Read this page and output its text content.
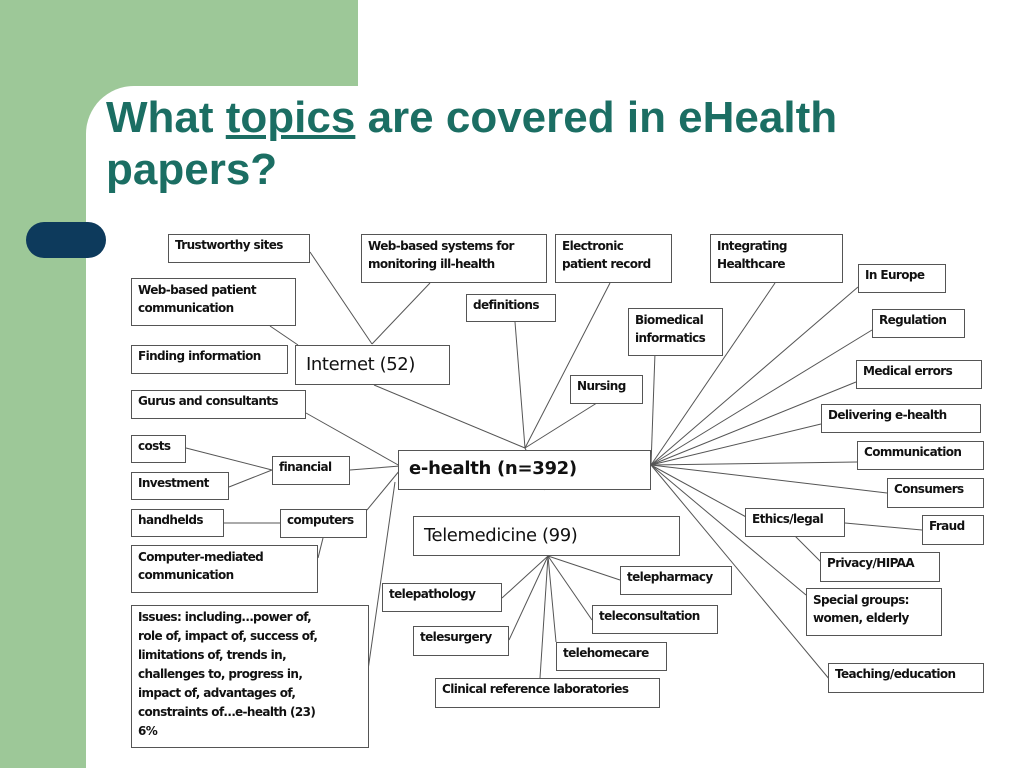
What topics are covered in eHealth papers?
e-health (n=392)
Internet (52)
Telemedicine (99)
Trustworthy sites	Web-based systems for
monitoring ill-health
Electronic
patient record
Integrating
Healthcare
Web-based patient
communication
Finding information
Gurus and consultants
costs
Investment
financial
handhelds	computers
Computer-mediated
communication
Issues: including…power of,
role of, impact of, success of,
limitations of, trends in,
challenges to, progress in,
impact of, advantages of,
constraints of…e-health (23)
6%
definitions
Biomedical
informatics
Nursing
In Europe
Regulation
Medical errors
Delivering e-health
Communication
Consumers
Ethics/legal	Fraud
Privacy/HIPAA
Special groups:
women, elderly
Teaching/education
telepathology
telesurgery
telepharmacy
teleconsultation
telehomecare
Clinical reference laboratories
